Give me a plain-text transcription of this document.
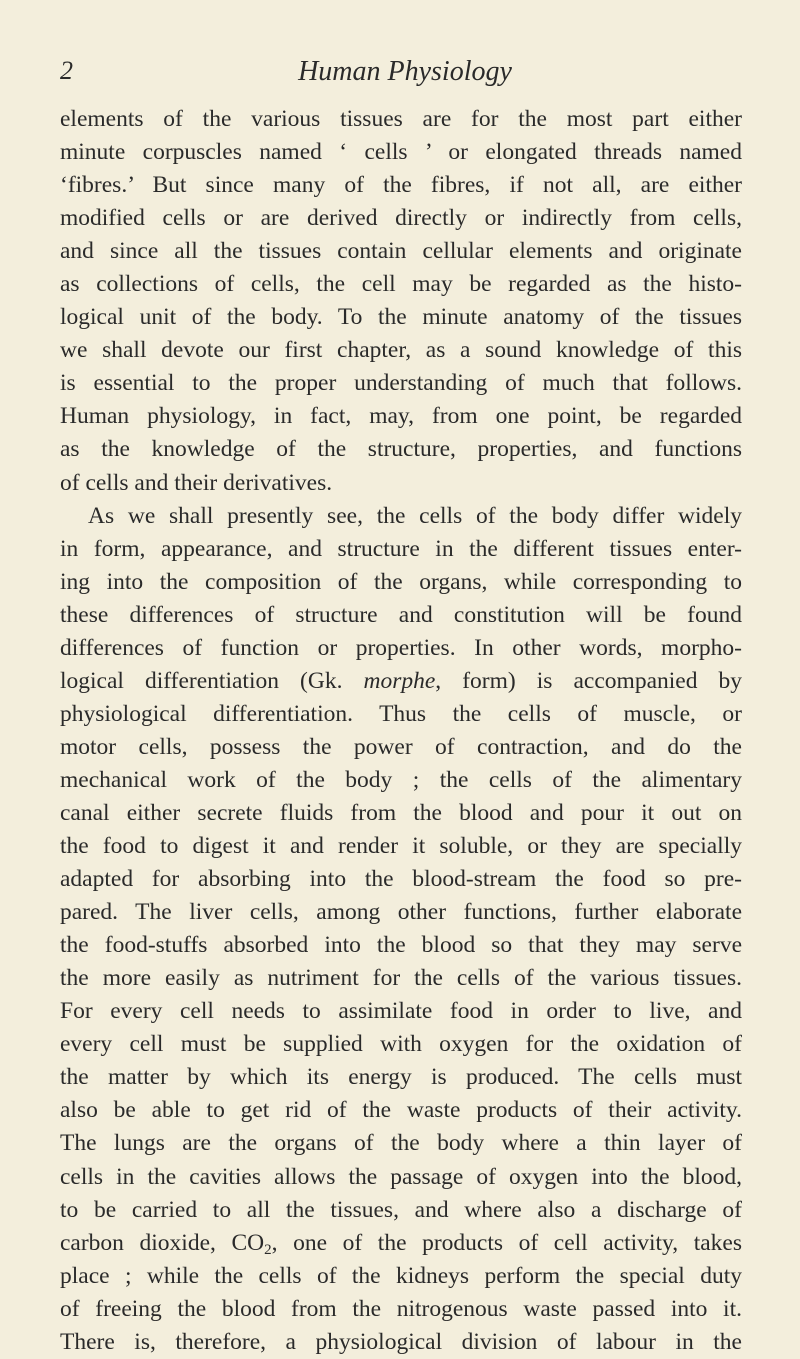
2	Human Physiology
elements of the various tissues are for the most part either
minute corpuscles named ‘ cells ’ or elongated threads named
‘fibres.’ But since many of the fibres, if not all, are either
modified cells or are derived directly or indirectly from cells,
and since all the tissues contain cellular elements and originate
as collections of cells, the cell may be regarded as the histo-
logical unit of the body. To the minute anatomy of the tissues
we shall devote our first chapter, as a sound knowledge of this
is essential to the proper understanding of much that follows.
Human physiology, in fact, may, from one point, be regarded
as the knowledge of the structure, properties, and functions
of cells and their derivatives.
As we shall presently see, the cells of the body differ widely
in form, appearance, and structure in the different tissues enter-
ing into the composition of the organs, while corresponding to
these differences of structure and constitution will be found
differences of function or properties. In other words, morpho-
logical differentiation (Gk. morphe, form) is accompanied by
physiological differentiation. Thus the cells of muscle, or
motor cells, possess the power of contraction, and do the
mechanical work of the body ; the cells of the alimentary
canal either secrete fluids from the blood and pour it out on
the food to digest it and render it soluble, or they are specially
adapted for absorbing into the blood-stream the food so pre-
pared. The liver cells, among other functions, further elaborate
the food-stuffs absorbed into the blood so that they may serve
the more easily as nutriment for the cells of the various tissues.
For every cell needs to assimilate food in order to live, and
every cell must be supplied with oxygen for the oxidation of
the matter by which its energy is produced. The cells must
also be able to get rid of the waste products of their activity.
The lungs are the organs of the body where a thin layer of
cells in the cavities allows the passage of oxygen into the blood,
to be carried to all the tissues, and where also a discharge of
carbon dioxide, $CO_2$, one of the products of cell activity, takes
place ; while the cells of the kidneys perform the special duty
of freeing the blood from the nitrogenous waste passed into it.
There is, therefore, a physiological division of labour in the
